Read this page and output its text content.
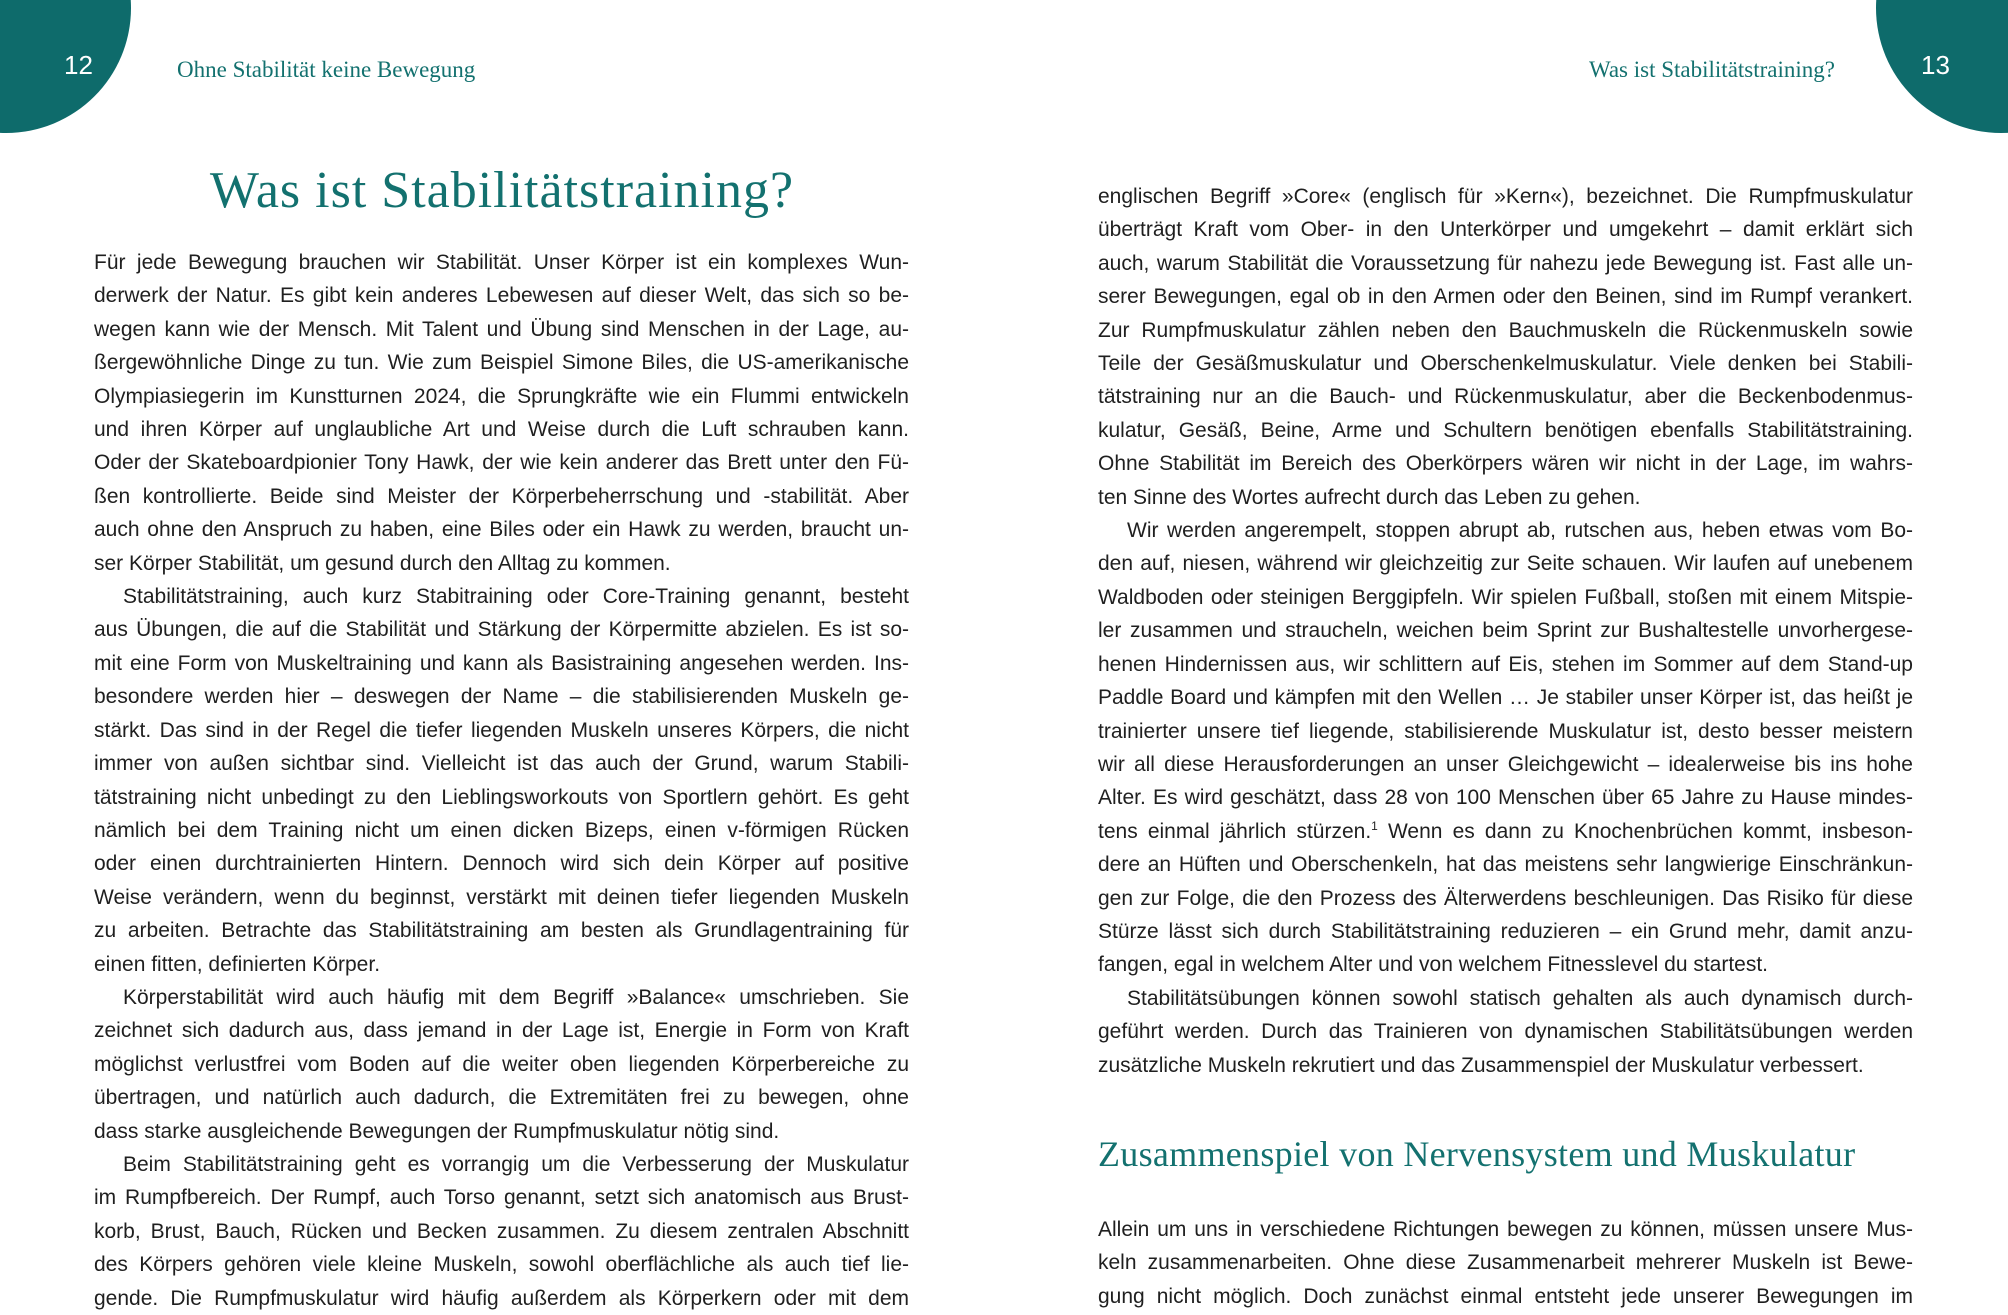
12	Ohne Stabilität keine Bewegung
Was ist Stabilitätstraining?
Für jede Bewegung brauchen wir Stabilität. Unser Körper ist ein komplexes Wun-
derwerk der Natur. Es gibt kein anderes Lebewesen auf dieser Welt, das sich so be-
wegen kann wie der Mensch. Mit Talent und Übung sind Menschen in der Lage, au-
ßergewöhnliche Dinge zu tun. Wie zum Beispiel Simone Biles, die US-amerikanische
Olympiasiegerin im Kunstturnen 2024, die Sprungkräfte wie ein Flummi entwickeln
und ihren Körper auf unglaubliche Art und Weise durch die Luft schrauben kann.
Oder der Skateboardpionier Tony Hawk, der wie kein anderer das Brett unter den Fü-
ßen kontrollierte. Beide sind Meister der Körperbeherrschung und -stabilität. Aber
auch ohne den Anspruch zu haben, eine Biles oder ein Hawk zu werden, braucht un-
ser Körper Stabilität, um gesund durch den Alltag zu kommen.
Stabilitätstraining, auch kurz Stabitraining oder Core-Training genannt, besteht
aus Übungen, die auf die Stabilität und Stärkung der Körpermitte abzielen. Es ist so-
mit eine Form von Muskeltraining und kann als Basistraining angesehen werden. Ins-
besondere werden hier – deswegen der Name – die stabilisierenden Muskeln ge-
stärkt. Das sind in der Regel die tiefer liegenden Muskeln unseres Körpers, die nicht
immer von außen sichtbar sind. Vielleicht ist das auch der Grund, warum Stabili-
tätstraining nicht unbedingt zu den Lieblingsworkouts von Sportlern gehört. Es geht
nämlich bei dem Training nicht um einen dicken Bizeps, einen v-förmigen Rücken
oder einen durchtrainierten Hintern. Dennoch wird sich dein Körper auf positive
Weise verändern, wenn du beginnst, verstärkt mit deinen tiefer liegenden Muskeln
zu arbeiten. Betrachte das Stabilitätstraining am besten als Grundlagentraining für
einen fitten, definierten Körper.
Körperstabilität wird auch häufig mit dem Begriff »Balance« umschrieben. Sie
zeichnet sich dadurch aus, dass jemand in der Lage ist, Energie in Form von Kraft
möglichst verlustfrei vom Boden auf die weiter oben liegenden Körperbereiche zu
übertragen, und natürlich auch dadurch, die Extremitäten frei zu bewegen, ohne
dass starke ausgleichende Bewegungen der Rumpfmuskulatur nötig sind.
Beim Stabilitätstraining geht es vorrangig um die Verbesserung der Muskulatur
im Rumpfbereich. Der Rumpf, auch Torso genannt, setzt sich anatomisch aus Brust-
korb, Brust, Bauch, Rücken und Becken zusammen. Zu diesem zentralen Abschnitt
des Körpers gehören viele kleine Muskeln, sowohl oberflächliche als auch tief lie-
gende. Die Rumpfmuskulatur wird häufig außerdem als Körperkern oder mit dem
13
Was ist Stabilitätstraining?
englischen Begriff »Core« (englisch für »Kern«), bezeichnet. Die Rumpfmuskulatur
überträgt Kraft vom Ober- in den Unterkörper und umgekehrt – damit erklärt sich
auch, warum Stabilität die Voraussetzung für nahezu jede Bewegung ist. Fast alle un-
serer Bewegungen, egal ob in den Armen oder den Beinen, sind im Rumpf verankert.
Zur Rumpfmuskulatur zählen neben den Bauchmuskeln die Rückenmuskeln sowie
Teile der Gesäßmuskulatur und Oberschenkelmuskulatur. Viele denken bei Stabili-
tätstraining nur an die Bauch- und Rückenmuskulatur, aber die Beckenbodenmus-
kulatur, Gesäß, Beine, Arme und Schultern benötigen ebenfalls Stabilitätstraining.
Ohne Stabilität im Bereich des Oberkörpers wären wir nicht in der Lage, im wahrs-
ten Sinne des Wortes aufrecht durch das Leben zu gehen.
Wir werden angerempelt, stoppen abrupt ab, rutschen aus, heben etwas vom Bo-
den auf, niesen, während wir gleichzeitig zur Seite schauen. Wir laufen auf unebenem
Waldboden oder steinigen Berggipfeln. Wir spielen Fußball, stoßen mit einem Mitspie-
ler zusammen und straucheln, weichen beim Sprint zur Bushaltestelle unvorhergese-
henen Hindernissen aus, wir schlittern auf Eis, stehen im Sommer auf dem Stand-up
Paddle Board und kämpfen mit den Wellen … Je stabiler unser Körper ist, das heißt je
trainierter unsere tief liegende, stabilisierende Muskulatur ist, desto besser meistern
wir all diese Herausforderungen an unser Gleichgewicht – idealerweise bis ins hohe
Alter. Es wird geschätzt, dass 28 von 100 Menschen über 65 Jahre zu Hause mindes-
tens einmal jährlich stürzen.$^1$ Wenn es dann zu Knochenbrüchen kommt, insbeson-
dere an Hüften und Oberschenkeln, hat das meistens sehr langwierige Einschränkun-
gen zur Folge, die den Prozess des Älterwerdens beschleunigen. Das Risiko für diese
Stürze lässt sich durch Stabilitätstraining reduzieren – ein Grund mehr, damit anzu-
fangen, egal in welchem Alter und von welchem Fitnesslevel du startest.
Stabilitätsübungen können sowohl statisch gehalten als auch dynamisch durch-
geführt werden. Durch das Trainieren von dynamischen Stabilitätsübungen werden
zusätzliche Muskeln rekrutiert und das Zusammenspiel der Muskulatur verbessert.
Zusammenspiel von Nervensystem und Muskulatur
Allein um uns in verschiedene Richtungen bewegen zu können, müssen unsere Mus-
keln zusammenarbeiten. Ohne diese Zusammenarbeit mehrerer Muskeln ist Bewe-
gung nicht möglich. Doch zunächst einmal entsteht jede unserer Bewegungen im
